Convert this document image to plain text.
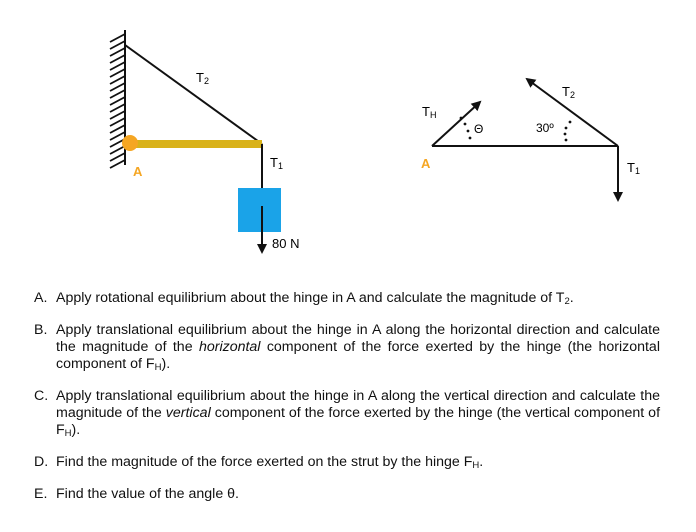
T2
T1
A
80 N
TH
Θ	30º
T2
T1
A
A. Apply rotational equilibrium about the hinge in A and calculate the magnitude of $T_2$.
B. Apply translational equilibrium about the hinge in A along the horizontal direction and calculate the magnitude of the horizontal component of the force exerted by the hinge (the horizontal component of $F_H$).
C. Apply translational equilibrium about the hinge in A along the vertical direction and calculate the magnitude of the vertical component of the force exerted by the hinge (the vertical component of $F_H$).
D. Find the magnitude of the force exerted on the strut by the hinge $F_H$.
E. Find the value of the angle θ.
